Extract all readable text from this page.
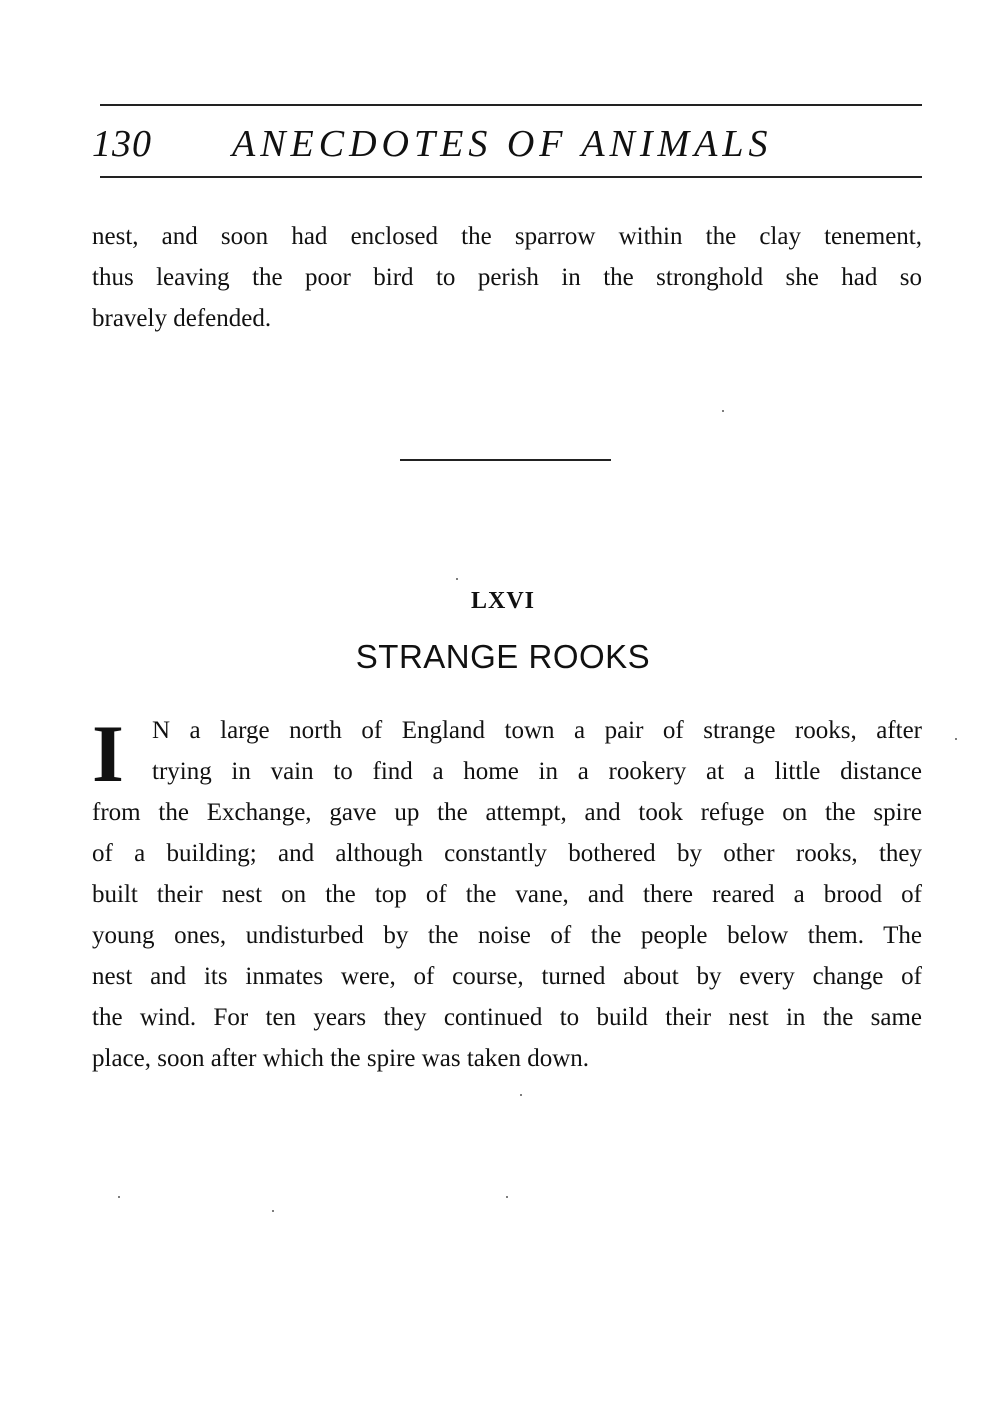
130 ANECDOTES OF ANIMALS
nest, and soon had enclosed the sparrow within the clay tenement,
thus leaving the poor bird to perish in the stronghold she had so
bravely defended.
LXVI
STRANGE ROOKS
I	N a large north of England town a pair of strange rooks, after
trying in vain to find a home in a rookery at a little distance
from the Exchange, gave up the attempt, and took refuge on the spire
of a building; and although constantly bothered by other rooks, they
built their nest on the top of the vane, and there reared a brood of
young ones, undisturbed by the noise of the people below them. The
nest and its inmates were, of course, turned about by every change of
the wind. For ten years they continued to build their nest in the same
place, soon after which the spire was taken down.
